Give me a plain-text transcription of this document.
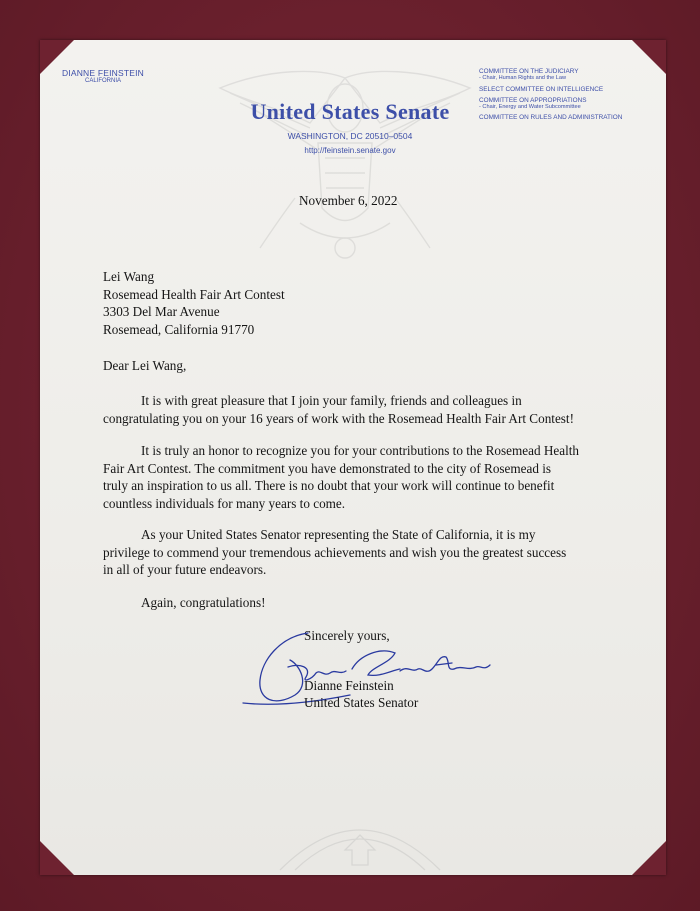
DIANNE FEINSTEIN
CALIFORNIA
United States Senate
WASHINGTON, DC 20510–0504
http://feinstein.senate.gov
COMMITTEE ON THE JUDICIARY
- Chair, Human Rights and the Law
SELECT COMMITTEE ON INTELLIGENCE
COMMITTEE ON APPROPRIATIONS
- Chair, Energy and Water Subcommittee
COMMITTEE ON RULES AND ADMINISTRATION
November 6, 2022
Lei Wang
Rosemead Health Fair Art Contest
3303 Del Mar Avenue
Rosemead, California 91770
Dear Lei Wang,
It is with great pleasure that I join your family, friends and colleagues in
congratulating you on your 16 years of work with the Rosemead Health Fair Art Contest!
It is truly an honor to recognize you for your contributions to the Rosemead Health
Fair Art Contest. The commitment you have demonstrated to the city of Rosemead is
truly an inspiration to us all. There is no doubt that your work will continue to benefit
countless individuals for many years to come.
As your United States Senator representing the State of California, it is my
privilege to commend your tremendous achievements and wish you the greatest success
in all of your future endeavors.
Again, congratulations!
Sincerely yours,
Dianne Feinstein
United States Senator
